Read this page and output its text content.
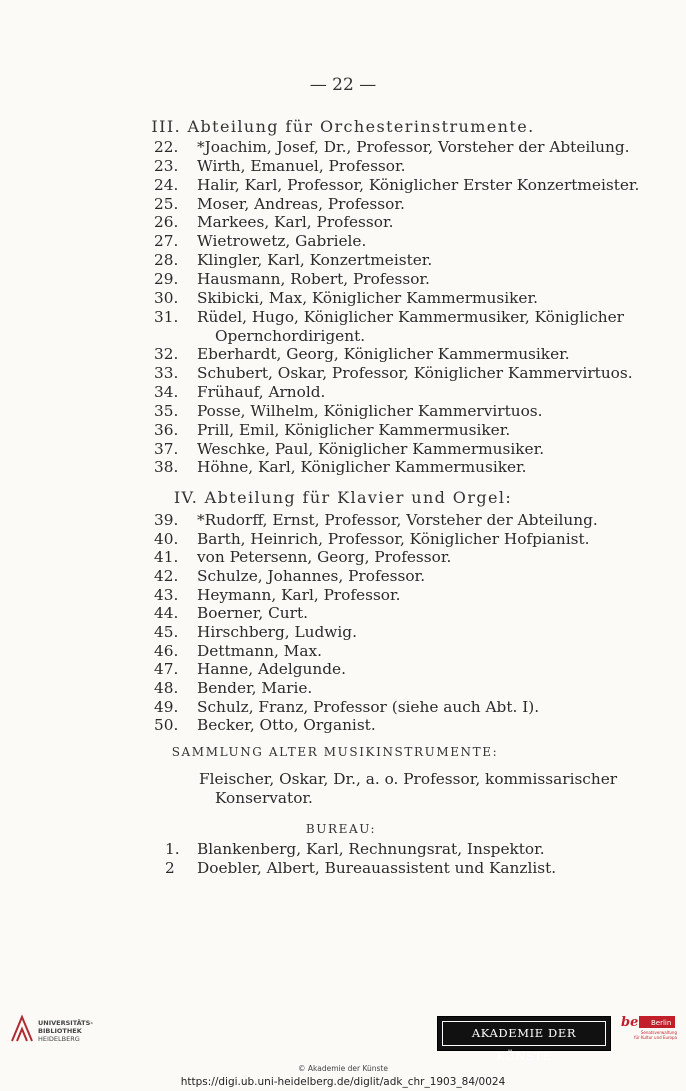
— 22 —
III. Abteilung für Orchesterinstrumente.
22. *Joachim, Josef, Dr., Professor, Vorsteher der Abteilung.
23. Wirth, Emanuel, Professor.
24. Halir, Karl, Professor, Königlicher Erster Konzertmeister.
25. Moser, Andreas, Professor.
26. Markees, Karl, Professor.
27. Wietrowetz, Gabriele.
28. Klingler, Karl, Konzertmeister.
29. Hausmann, Robert, Professor.
30. Skibicki, Max, Königlicher Kammermusiker.
31. Rüdel, Hugo, Königlicher Kammermusiker, Königlicher
Opernchordirigent.
32. Eberhardt, Georg, Königlicher Kammermusiker.
33. Schubert, Oskar, Professor, Königlicher Kammervirtuos.
34. Frühauf, Arnold.
35. Posse, Wilhelm, Königlicher Kammervirtuos.
36. Prill, Emil, Königlicher Kammermusiker.
37. Weschke, Paul, Königlicher Kammermusiker.
38. Höhne, Karl, Königlicher Kammermusiker.
IV. Abteilung für Klavier und Orgel:
39. *Rudorff, Ernst, Professor, Vorsteher der Abteilung.
40. Barth, Heinrich, Professor, Königlicher Hofpianist.
41. von Petersenn, Georg, Professor.
42. Schulze, Johannes, Professor.
43. Heymann, Karl, Professor.
44. Boerner, Curt.
45. Hirschberg, Ludwig.
46. Dettmann, Max.
47. Hanne, Adelgunde.
48. Bender, Marie.
49. Schulz, Franz, Professor (siehe auch Abt. I).
50. Becker, Otto, Organist.
SAMMLUNG ALTER MUSIKINSTRUMENTE:
Fleischer, Oskar, Dr., a. o. Professor, kommissarischer
Konservator.
BUREAU:
1. Blankenberg, Karl, Rechnungsrat, Inspektor.
2 Doebler, Albert, Bureauassistent und Kanzlist.
UNIVERSITÄTS-
BIBLIOTHEK
HEIDELBERG	AKADEMIE DER KÜNSTE
be Berlin
Senatsverwaltung
für Kultur und Europa
© Akademie der Künste
https://digi.ub.uni-heidelberg.de/diglit/adk_chr_1903_84/0024
